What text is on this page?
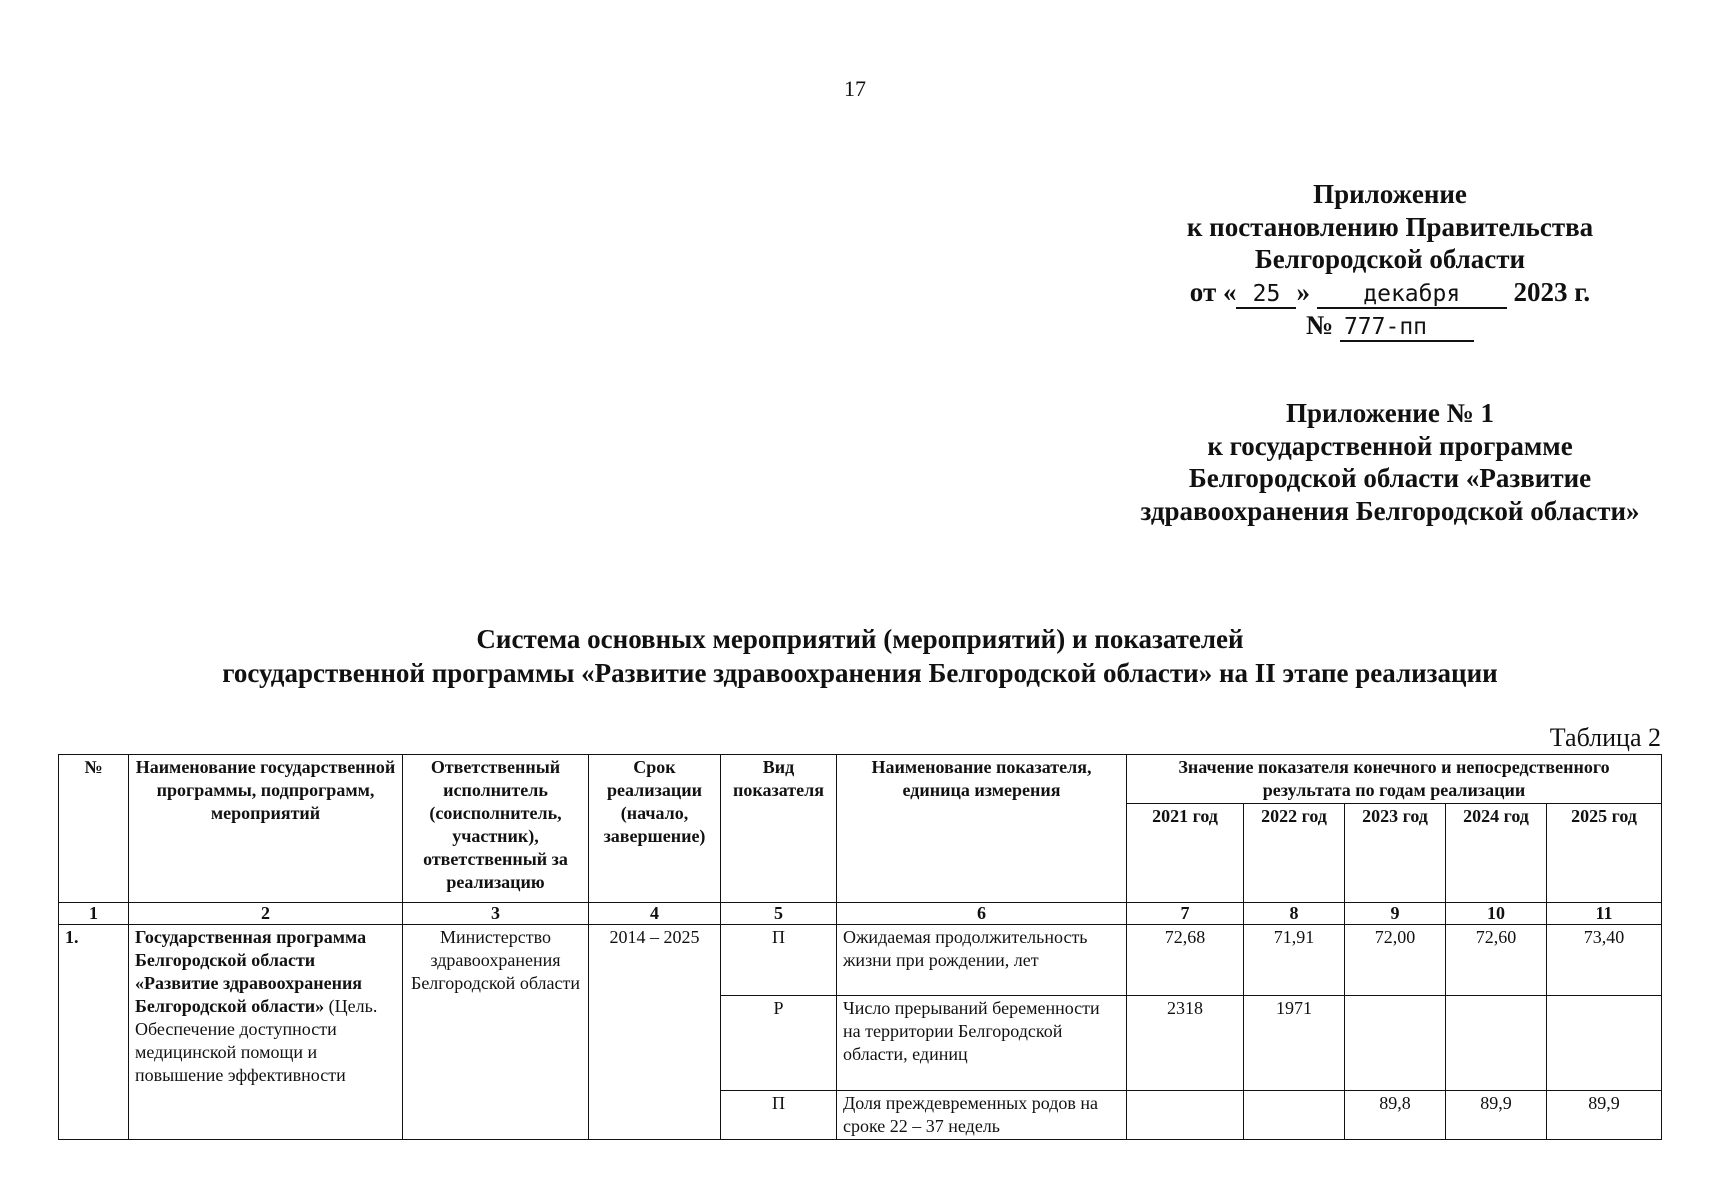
17
Приложение
к постановлению Правительства
Белгородской области
от « 25 » декабря 2023 г.
№ 777-пп
Приложение № 1
к государственной программе
Белгородской области «Развитие
здравоохранения Белгородской области»
Система основных мероприятий (мероприятий) и показателей
государственной программы «Развитие здравоохранения Белгородской области» на II этапе реализации
Таблица 2
№	Наименование государственной программы, подпрограмм, мероприятий	Ответственный исполнитель (соисполнитель, участник), ответственный за реализацию	Срок реализации (начало, завершение)	Вид показателя	Наименование показателя, единица измерения	Значение показателя конечного и непосредственного результата по годам реализации				
						2021 год	2022 год	2023 год	2024 год	2025 год
1	2	3	4	5	6	7	8	9	10	11
1.	Государственная программа Белгородской области «Развитие здравоохранения Белгородской области» (Цель. Обеспечение доступности медицинской помощи и повышение эффективности	Министерство здравоохранения Белгородской области	2014 – 2025	П	Ожидаемая продолжительность жизни при рождении, лет	72,68	71,91	72,00	72,60	73,40
				Р	Число прерываний беременности на территории Белгородской области, единиц	2318	1971			
				П	Доля преждевременных родов на сроке 22 – 37 недель			89,8	89,9	89,9
